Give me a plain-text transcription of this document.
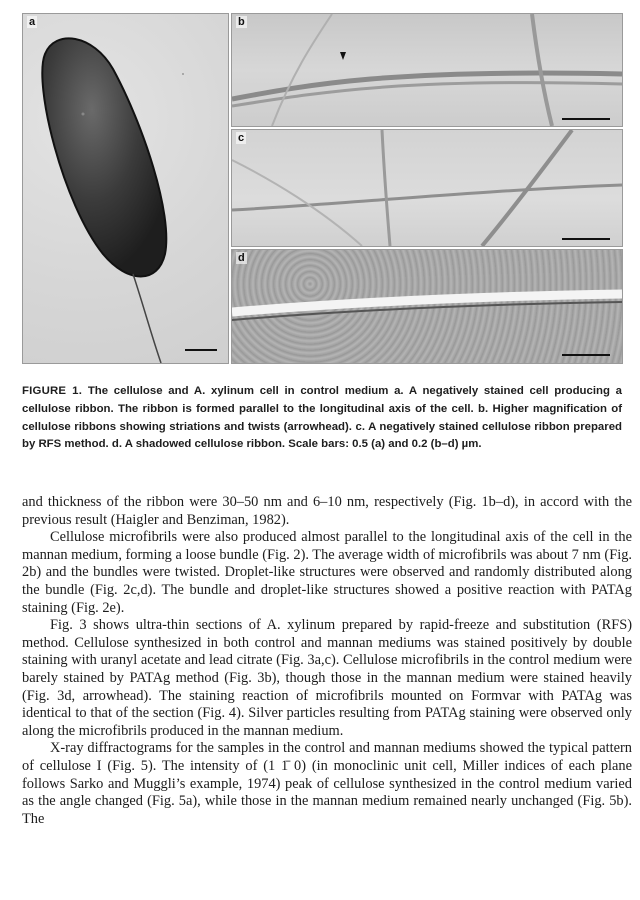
a	b
c
d
FIGURE 1. The cellulose and A. xylinum cell in control medium a. A negatively stained cell producing a cellulose ribbon. The ribbon is formed parallel to the longitudinal axis of the cell. b. Higher magnification of cellulose ribbons showing striations and twists (arrowhead). c. A negatively stained cellulose ribbon prepared by RFS method. d. A shadowed cellulose ribbon. Scale bars: 0.5 (a) and 0.2 (b–d) µm.

and thickness of the ribbon were 30–50 nm and 6–10 nm, respectively (Fig. 1b–d), in accord with the previous result (Haigler and Benziman, 1982).

Cellulose microfibrils were also produced almost parallel to the longitudinal axis of the cell in the mannan medium, forming a loose bundle (Fig. 2). The average width of microfibrils was about 7 nm (Fig. 2b) and the bundles were twisted. Droplet-like structures were observed and randomly distributed along the bundle (Fig. 2c,d). The bundle and droplet-like structures showed a positive reaction with PATAg staining (Fig. 2e).

Fig. 3 shows ultra-thin sections of A. xylinum prepared by rapid-freeze and substitution (RFS) method. Cellulose synthesized in both control and mannan mediums was stained positively by double staining with uranyl acetate and lead citrate (Fig. 3a,c). Cellulose microfibrils in the control medium were barely stained by PATAg method (Fig. 3b), though those in the mannan medium were stained heavily (Fig. 3d, arrowhead). The staining reaction of microfibrils mounted on Formvar with PATAg was identical to that of the section (Fig. 4). Silver particles resulting from PATAg staining were observed only along the microfibrils produced in the mannan medium.

X-ray diffractograms for the samples in the control and mannan mediums showed the typical pattern of cellulose I (Fig. 5). The intensity of (1 1̄ 0) (in monoclinic unit cell, Miller indices of each plane follows Sarko and Muggli’s example, 1974) peak of cellulose synthesized in the control medium varied as the angle changed (Fig. 5a), while those in the mannan medium remained nearly unchanged (Fig. 5b). The
